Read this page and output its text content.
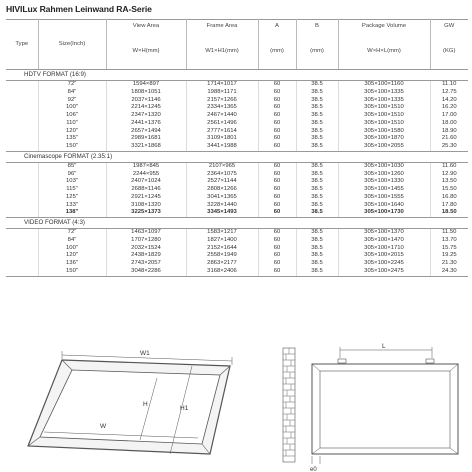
HIVILux Rahmen Leinwand RA-Serie
Type	Size(Inch)	View Area	Frame Area	A	B	Package Volume	GW
		W×H(mm)	W1×H1(mm)	(mm)	(mm)	W×H×L(mm)	(KG)
HDTV FORMAT (16:9)							
	72"	1594×897	1714×1017	60	38.5	305×100×1160	11.10
	84"	1808×1051	1988×1171	60	38.5	305×100×1335	12.75
	92"	2037×1146	2157×1266	60	38.5	305×100×1335	14.20
	100"	2214×1245	2334×1365	60	38.5	305×100×1510	16.20
	106"	2347×1320	2467×1440	60	38.5	305×100×1510	17.00
	110"	2441×1376	2561×1496	60	38.5	305×100×1510	18.00
	120"	2657×1494	2777×1614	60	38.5	305×100×1580	18.90
	135"	2989×1681	3109×1801	60	38.5	305×100×1870	21.60
	150"	3321×1868	3441×1988	60	38.5	305×100×2055	25.30
Cinemascope FORMAT (2.35:1)							
	85"	1987×845	2107×965	60	38.5	305×100×1030	11.60
	96"	2244×955	2364×1075	60	38.5	305×100×1260	12.90
	103"	2407×1024	2527×1144	60	38.5	305×100×1330	13.50
	115"	2688×1146	2808×1266	60	38.5	305×100×1455	15.50
	125"	2921×1245	3041×1365	60	38.5	305×100×1555	16.80
	133"	3108×1320	3228×1440	60	38.5	305×100×1640	17.80
	138"	3225×1373	3345×1493	60	38.5	305×100×1730	18.50
VIDEO FORMAT (4:3)							
	72"	1463×1097	1583×1217	60	38.5	305×100×1370	11.50
	84"	1707×1280	1827×1400	60	38.5	305×100×1470	13.70
	100"	2032×1524	2152×1644	60	38.5	305×100×1710	15.75
	120"	2438×1829	2558×1949	60	38.5	305×100×2015	19.25
	136"	2743×2057	2863×2177	60	38.5	305×100×2245	21.30
	150"	3048×2286	3168×2406	60	38.5	305×100×2475	24.30
W1
W
H
H1
L
e0
